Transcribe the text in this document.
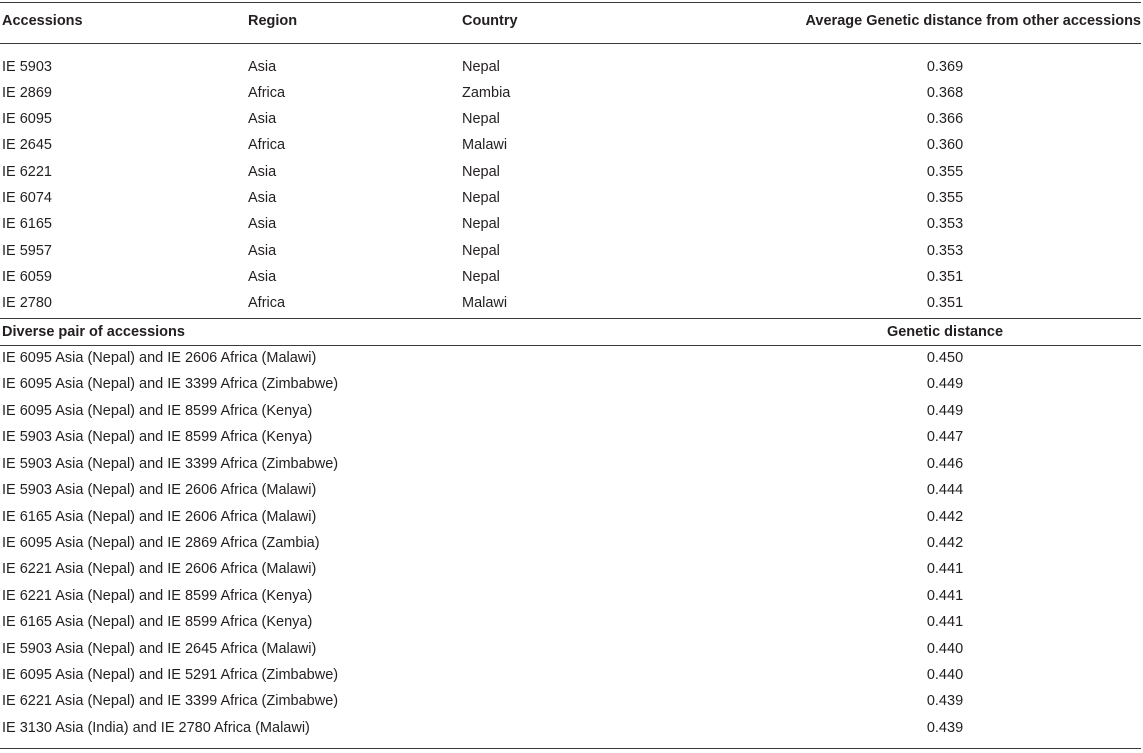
Accessions	Region	Country	Average Genetic distance from other accessions
IE 5903	Asia	Nepal	0.369
IE 2869	Africa	Zambia	0.368
IE 6095	Asia	Nepal	0.366
IE 2645	Africa	Malawi	0.360
IE 6221	Asia	Nepal	0.355
IE 6074	Asia	Nepal	0.355
IE 6165	Asia	Nepal	0.353
IE 5957	Asia	Nepal	0.353
IE 6059	Asia	Nepal	0.351
IE 2780	Africa	Malawi	0.351
Diverse pair of accessions	Genetic distance
IE 6095 Asia (Nepal) and IE 2606 Africa (Malawi)	0.450
IE 6095 Asia (Nepal) and IE 3399 Africa (Zimbabwe)	0.449
IE 6095 Asia (Nepal) and IE 8599 Africa (Kenya)	0.449
IE 5903 Asia (Nepal) and IE 8599 Africa (Kenya)	0.447
IE 5903 Asia (Nepal) and IE 3399 Africa (Zimbabwe)	0.446
IE 5903 Asia (Nepal) and IE 2606 Africa (Malawi)	0.444
IE 6165 Asia (Nepal) and IE 2606 Africa (Malawi)	0.442
IE 6095 Asia (Nepal) and IE 2869 Africa (Zambia)	0.442
IE 6221 Asia (Nepal) and IE 2606 Africa (Malawi)	0.441
IE 6221 Asia (Nepal) and IE 8599 Africa (Kenya)	0.441
IE 6165 Asia (Nepal) and IE 8599 Africa (Kenya)	0.441
IE 5903 Asia (Nepal) and IE 2645 Africa (Malawi)	0.440
IE 6095 Asia (Nepal) and IE 5291 Africa (Zimbabwe)	0.440
IE 6221 Asia (Nepal) and IE 3399 Africa (Zimbabwe)	0.439
IE 3130 Asia (India) and IE 2780 Africa (Malawi)	0.439
